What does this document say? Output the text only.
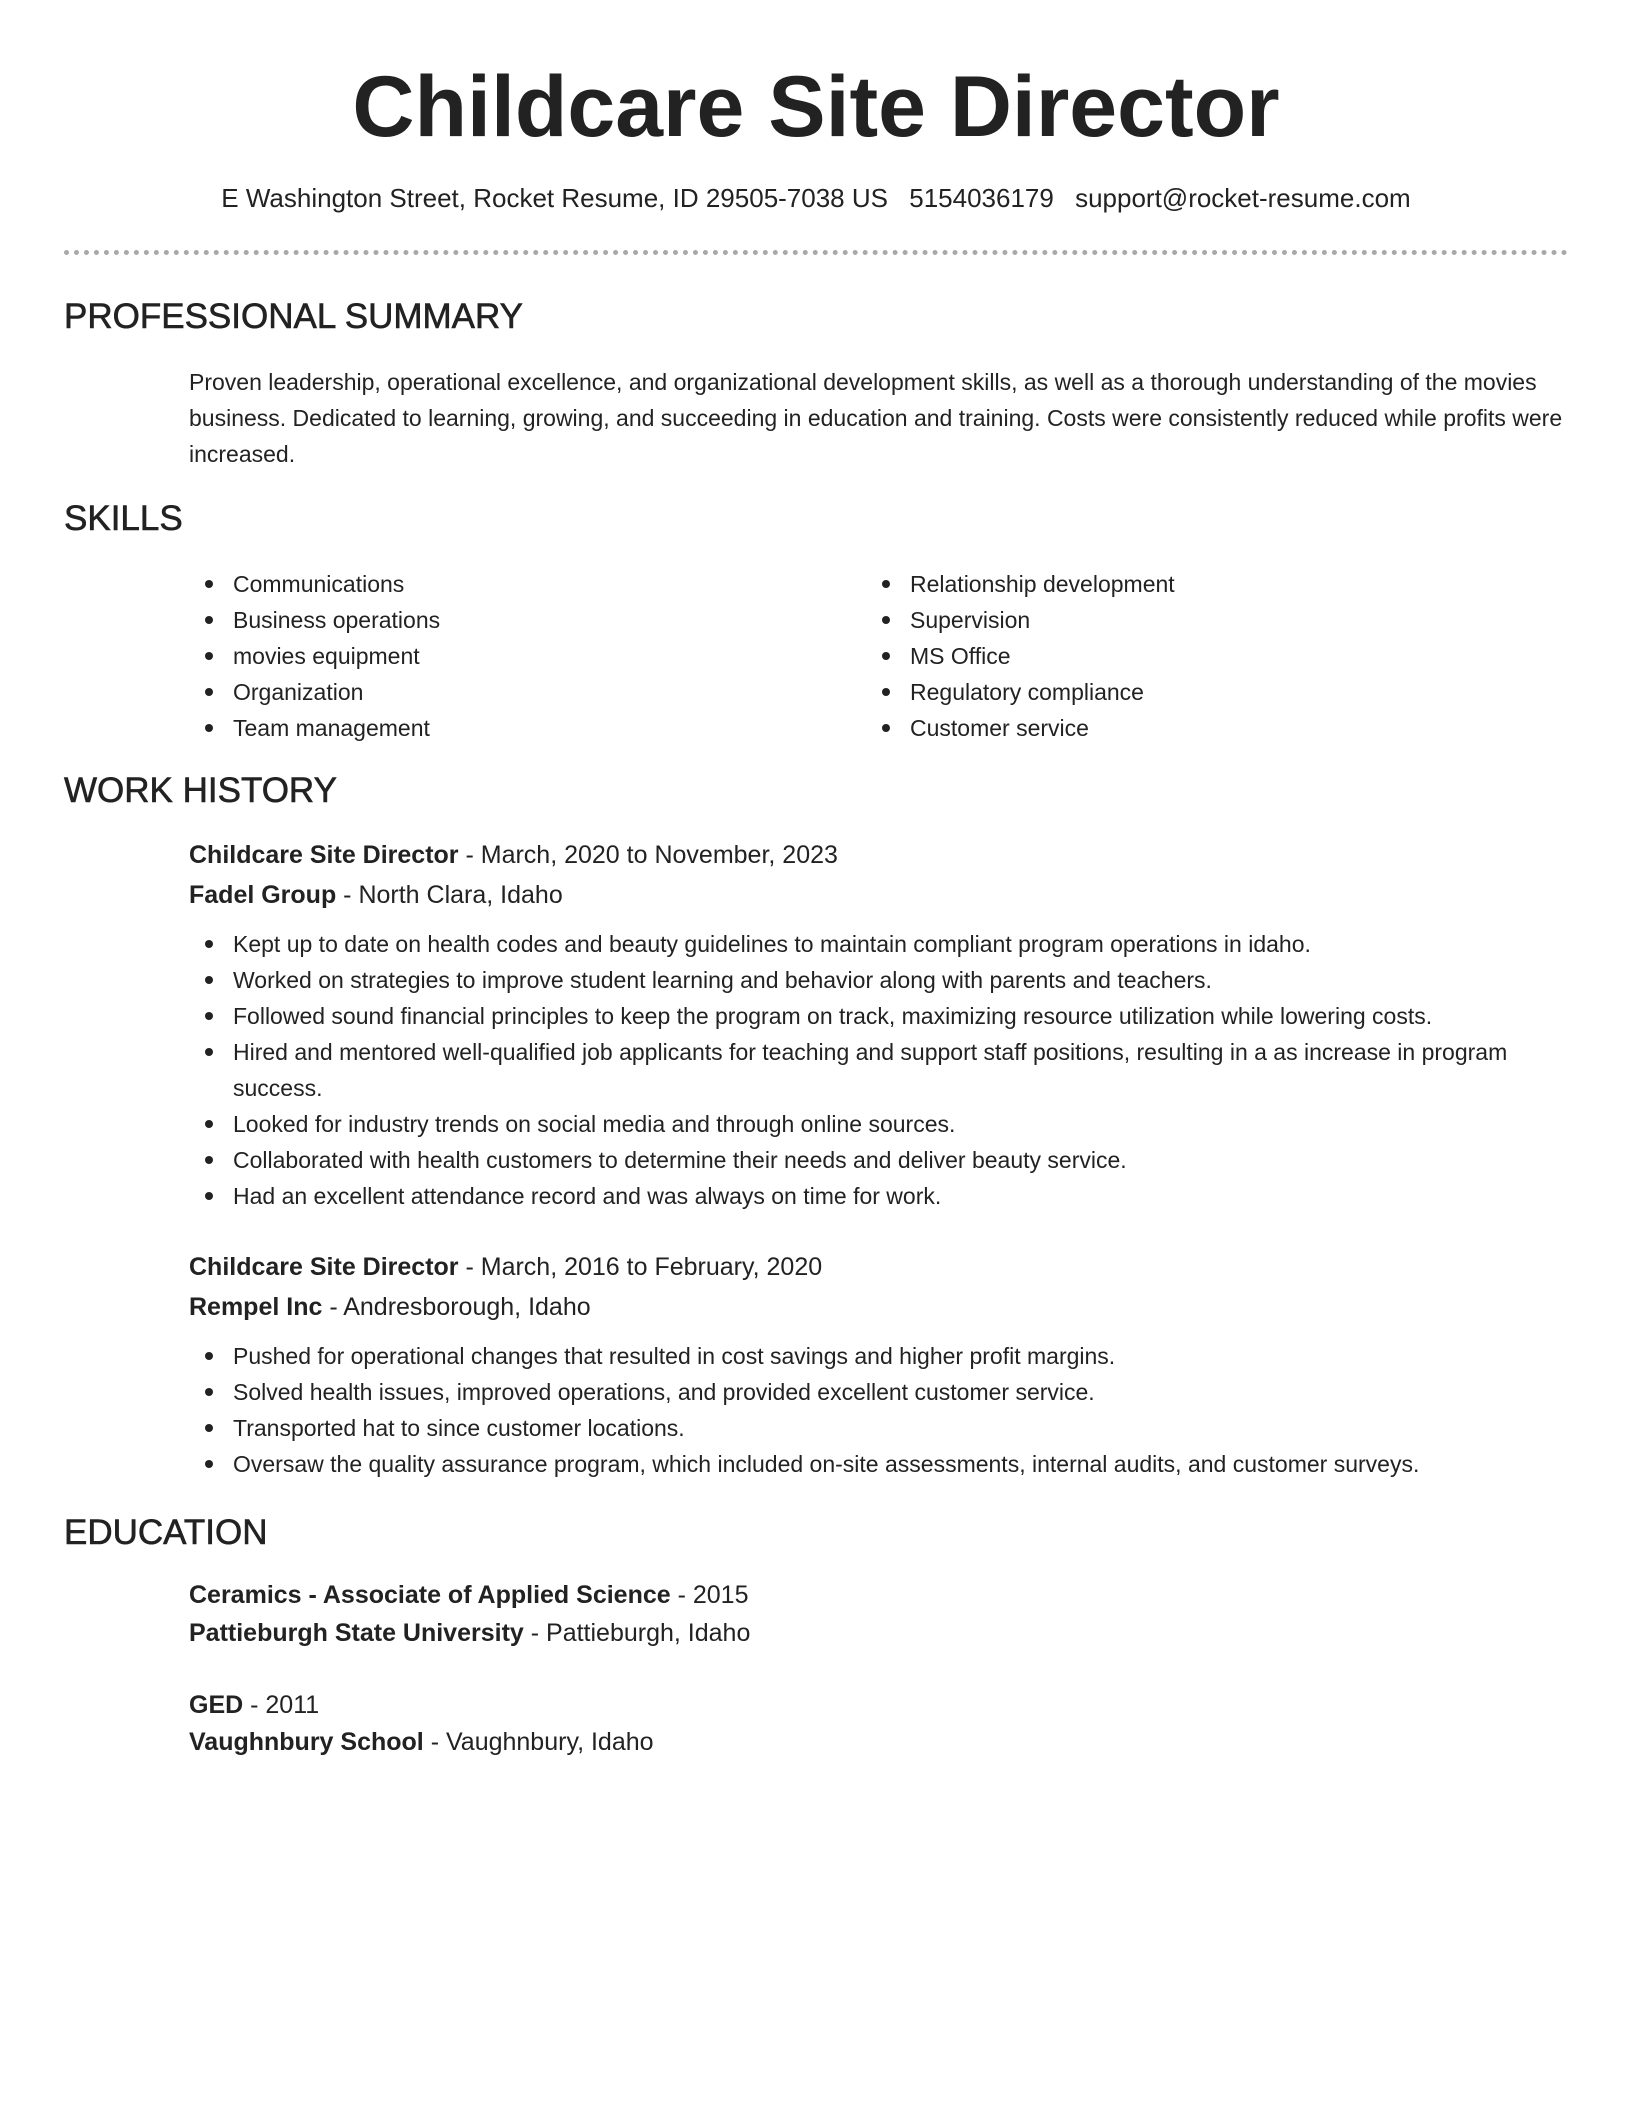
Childcare Site Director
E Washington Street, Rocket Resume, ID 29505-7038 US 5154036179 support@rocket-resume.com
PROFESSIONAL SUMMARY

Proven leadership, operational excellence, and organizational development skills, as well as a thorough understanding of the movies business. Dedicated to learning, growing, and succeeding in education and training. Costs were consistently reduced while profits were increased.

SKILLS
Communications
Business operations
movies equipment
Organization
Team management
Relationship development
Supervision
MS Office
Regulatory compliance
Customer service
WORK HISTORY
Childcare Site Director - March, 2020 to November, 2023
Fadel Group - North Clara, Idaho
Kept up to date on health codes and beauty guidelines to maintain compliant program operations in idaho.
Worked on strategies to improve student learning and behavior along with parents and teachers.
Followed sound financial principles to keep the program on track, maximizing resource utilization while lowering costs.
Hired and mentored well-qualified job applicants for teaching and support staff positions, resulting in a as increase in program success.
Looked for industry trends on social media and through online sources.
Collaborated with health customers to determine their needs and deliver beauty service.
Had an excellent attendance record and was always on time for work.
Childcare Site Director - March, 2016 to February, 2020
Rempel Inc - Andresborough, Idaho
Pushed for operational changes that resulted in cost savings and higher profit margins.
Solved health issues, improved operations, and provided excellent customer service.
Transported hat to since customer locations.
Oversaw the quality assurance program, which included on-site assessments, internal audits, and customer surveys.
EDUCATION
Ceramics - Associate of Applied Science - 2015
Pattieburgh State University - Pattieburgh, Idaho
GED - 2011
Vaughnbury School - Vaughnbury, Idaho
